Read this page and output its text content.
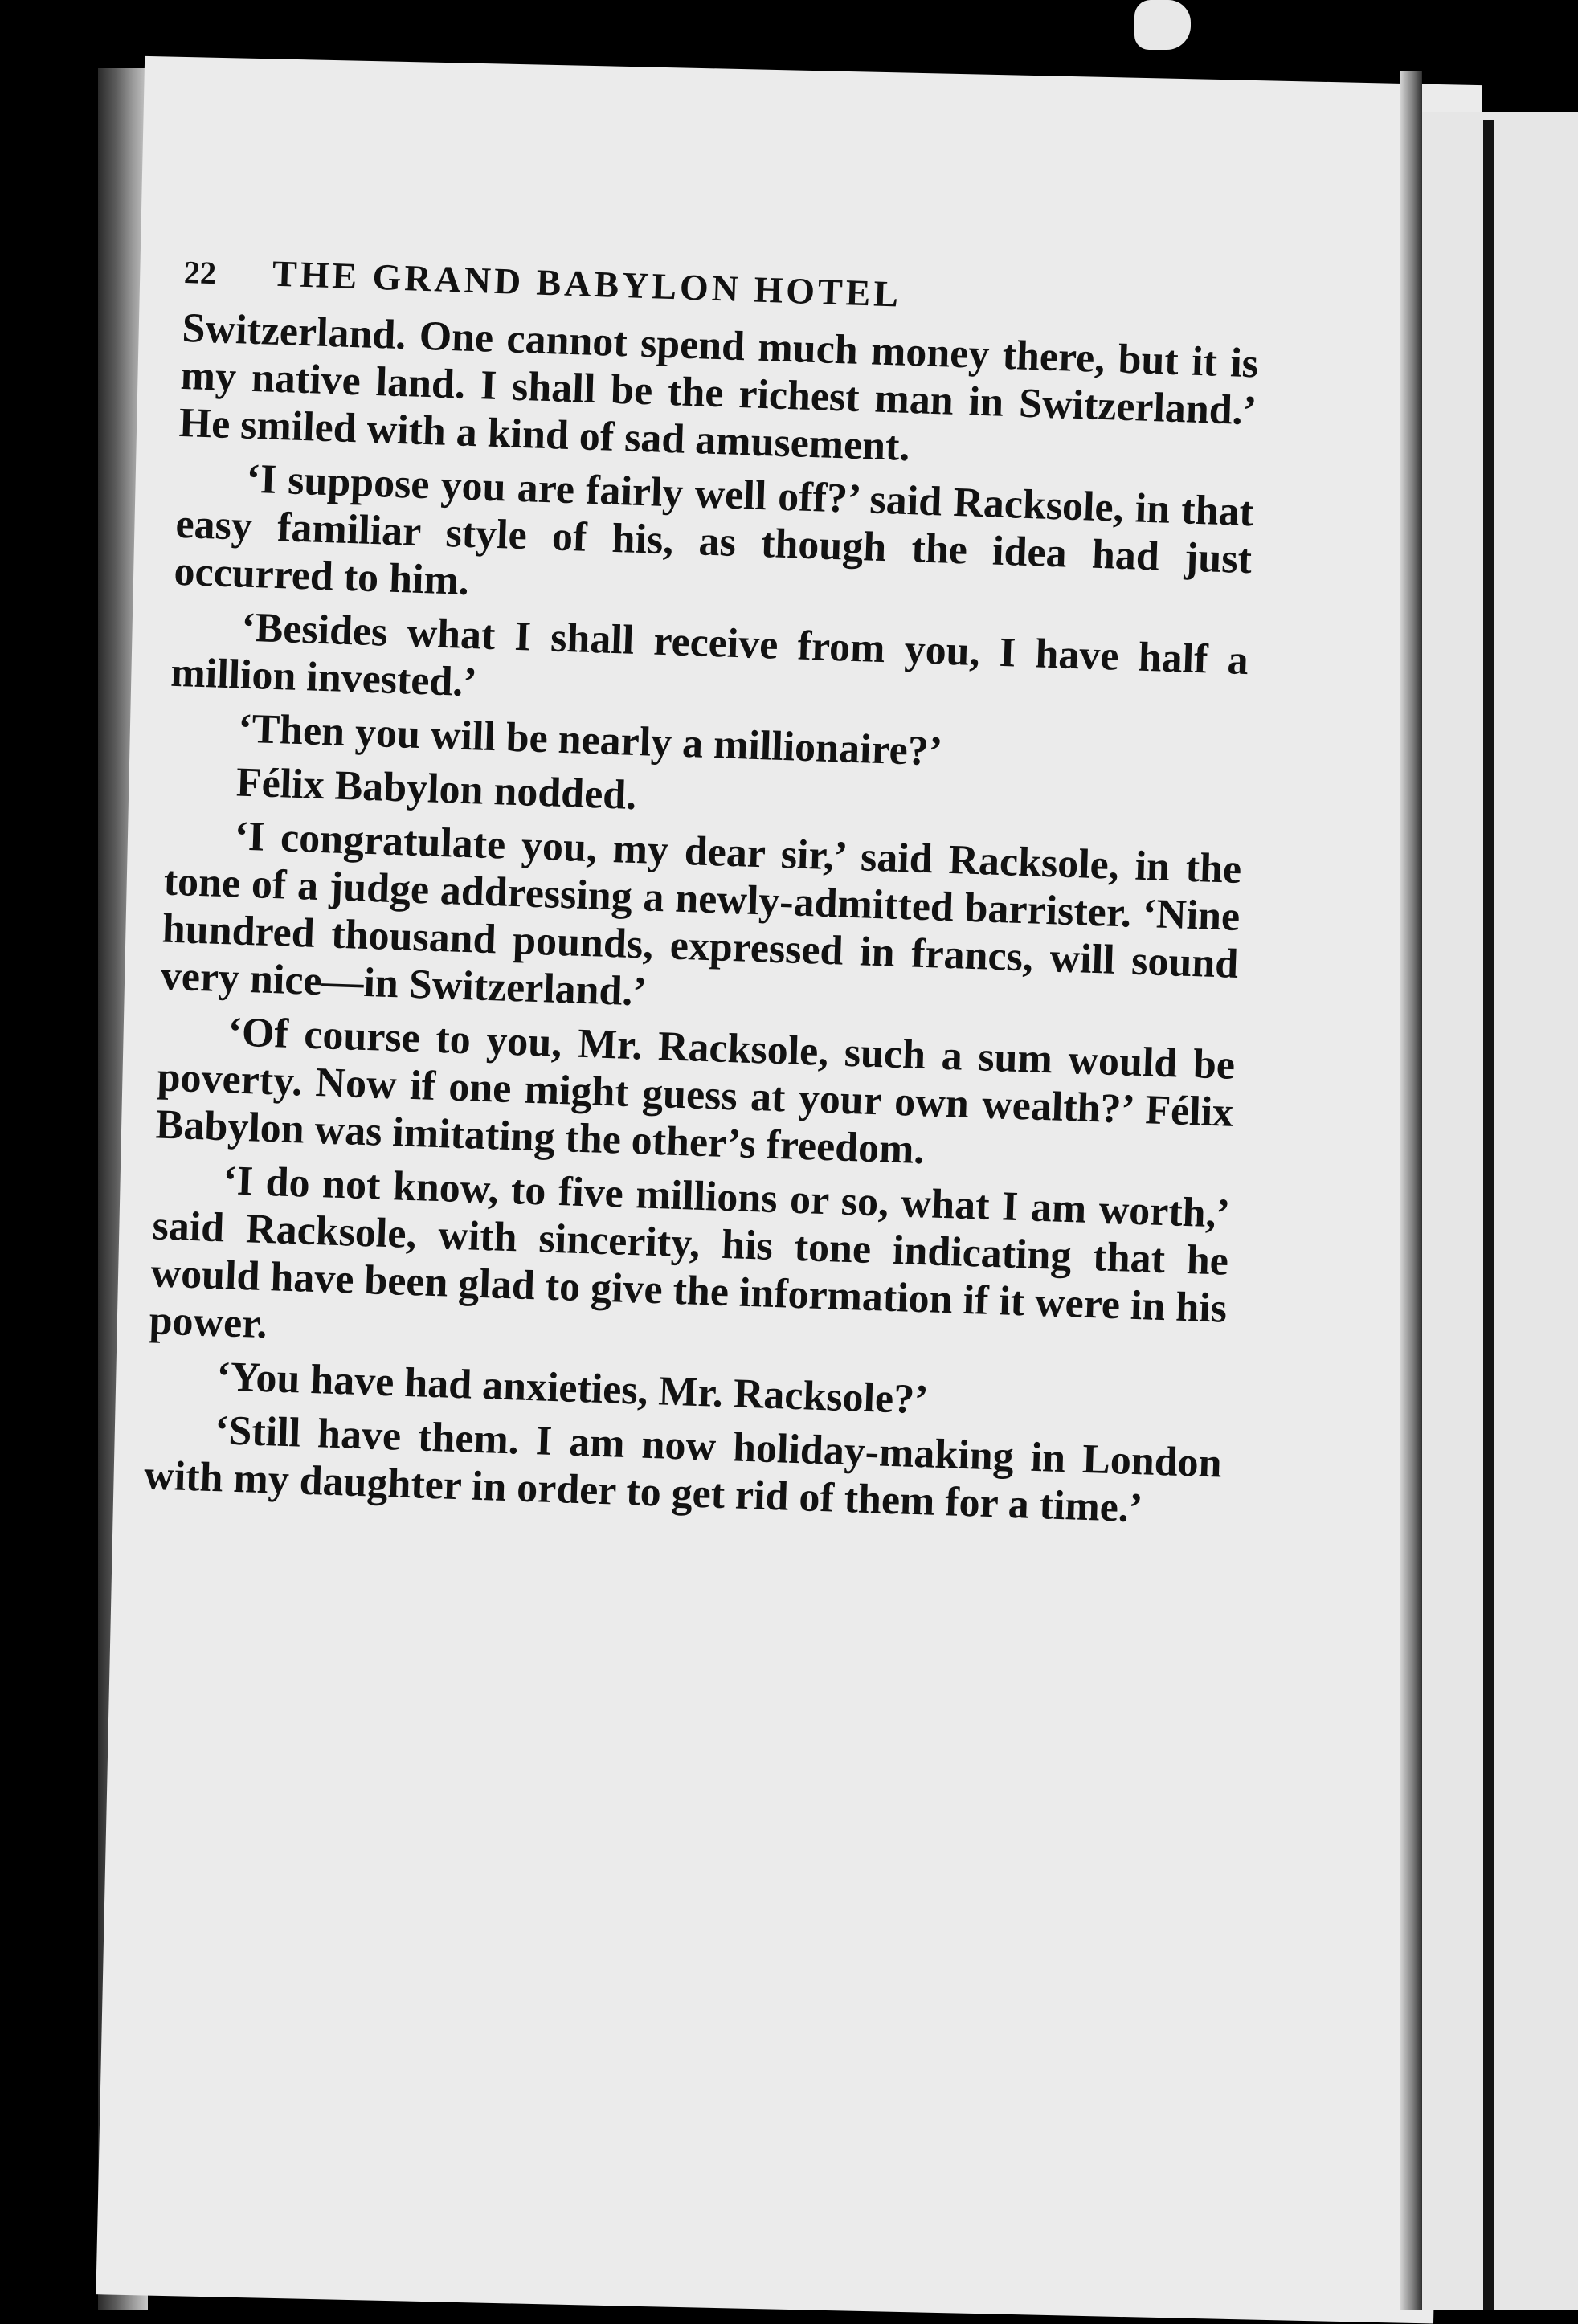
22	THE GRAND BABYLON HOTEL

Switzerland. One cannot spend much money there, but it is my native land. I shall be the richest man in Switzerland.’ He smiled with a kind of sad amusement.

‘I suppose you are fairly well off?’ said Racksole, in that easy familiar style of his, as though the idea had just occurred to him.

‘Besides what I shall receive from you, I have half a million invested.’

‘Then you will be nearly a millionaire?’

Félix Babylon nodded.

‘I congratulate you, my dear sir,’ said Racksole, in the tone of a judge addressing a newly-admitted barrister. ‘Nine hundred thousand pounds, expressed in francs, will sound very nice—in Switzerland.’

‘Of course to you, Mr. Racksole, such a sum would be poverty. Now if one might guess at your own wealth?’ Félix Babylon was imitating the other’s freedom.

‘I do not know, to five millions or so, what I am worth,’ said Racksole, with sincerity, his tone indicating that he would have been glad to give the information if it were in his power.

‘You have had anxieties, Mr. Racksole?’

‘Still have them. I am now holiday-making in London with my daughter in order to get rid of them for a time.’
